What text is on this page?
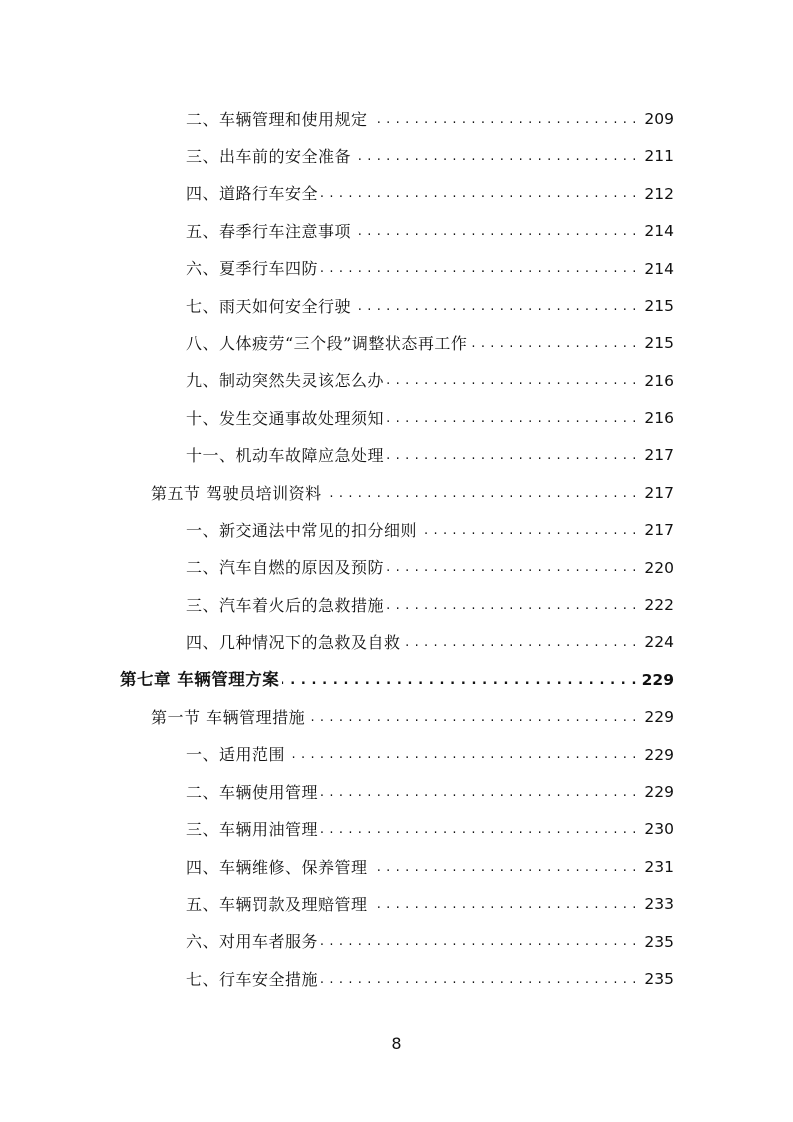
二、车辆管理和使用规定 . . .	209
三、出车前的安全准备 . . .	211
四、道路行车安全 . . .	212
五、春季行车注意事项 . . .	214
六、夏季行车四防 . . .	214
七、雨天如何安全行驶 . . .	215
八、人体疲劳“三个段”调整状态再工作 . . .	215
九、制动突然失灵该怎么办 . . .	216
十、发生交通事故处理须知 . . .	216
十一、机动车故障应急处理 . . .	217
第五节 驾驶员培训资料 . . .	217
一、新交通法中常见的扣分细则 . . .	217
二、汽车自燃的原因及预防 . . .	220
三、汽车着火后的急救措施 . . .	222
四、几种情况下的急救及自救 . . .	224
第七章 车辆管理方案 . . .	229
第一节 车辆管理措施 . . .	229
一、适用范围 . . .	229
二、车辆使用管理 . . .	229
三、车辆用油管理 . . .	230
四、车辆维修、保养管理 . . .	231
五、车辆罚款及理赔管理 . . .	233
六、对用车者服务 . . .	235
七、行车安全措施 . . .	235
8
